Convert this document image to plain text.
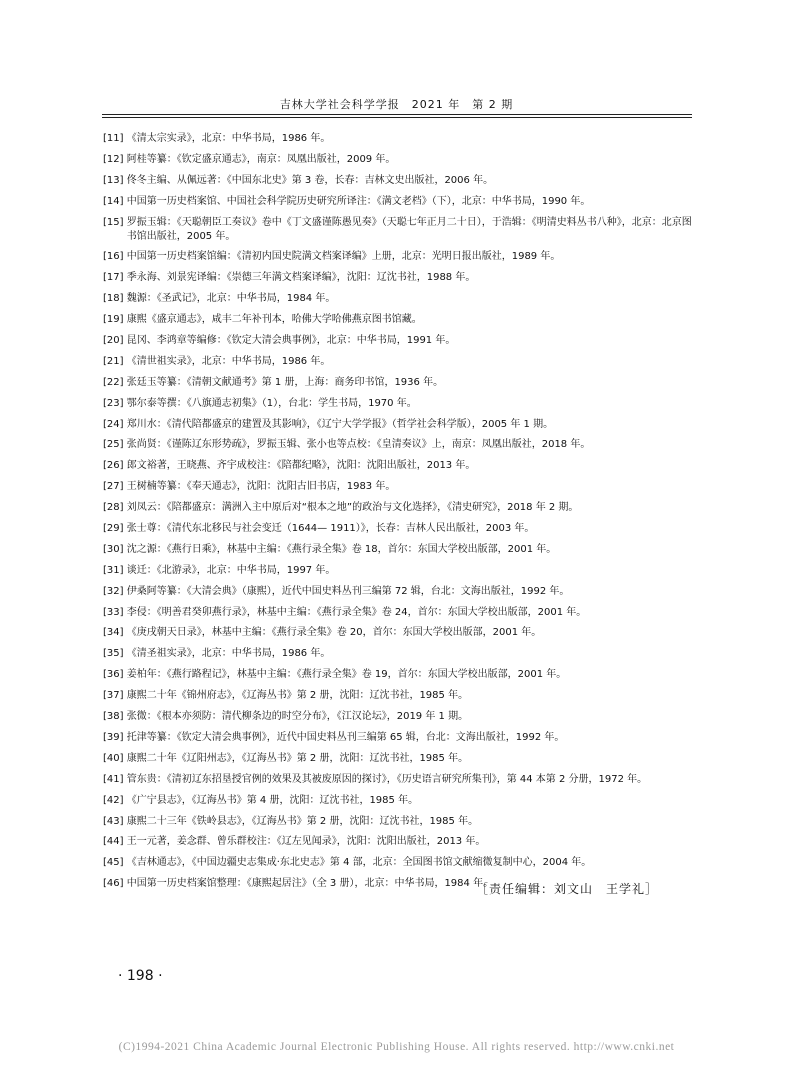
吉林大学社会科学学报　2021 年　第 2 期
[11] 《清太宗实录》，北京：中华书局，1986 年。
[12] 阿桂等纂：《钦定盛京通志》，南京：凤凰出版社，2009 年。
[13] 佟冬主编、从佩远著：《中国东北史》第 3 卷，长春：吉林文史出版社，2006 年。
[14] 中国第一历史档案馆、中国社会科学院历史研究所译注：《满文老档》（下），北京：中华书局，1990 年。
[15] 罗振玉辑：《天聪朝臣工奏议》卷中《丁文盛谨陈愚见奏》（天聪七年正月二十日），于浩辑：《明清史料丛书八种》，北京：北京图书馆出版社，2005 年。
[16] 中国第一历史档案馆编：《清初内国史院满文档案译编》上册，北京：光明日报出版社，1989 年。
[17] 季永海、刘景宪译编：《崇德三年满文档案译编》，沈阳：辽沈书社，1988 年。
[18] 魏源：《圣武记》，北京：中华书局，1984 年。
[19] 康熙《盛京通志》，咸丰二年补刊本，哈佛大学哈佛燕京图书馆藏。
[20] 昆冈、李鸿章等编修：《钦定大清会典事例》，北京：中华书局，1991 年。
[21] 《清世祖实录》，北京：中华书局，1986 年。
[22] 张廷玉等纂：《清朝文献通考》第 1 册，上海：商务印书馆，1936 年。
[23] 鄂尔泰等撰：《八旗通志初集》（1），台北：学生书局，1970 年。
[24] 郑川水：《清代陪都盛京的建置及其影响》，《辽宁大学学报》（哲学社会科学版），2005 年 1 期。
[25] 张尚贤：《谨陈辽东形势疏》，罗振玉辑、张小也等点校：《皇清奏议》上，南京：凤凰出版社，2018 年。
[26] 郎文裕著，王晓燕、齐宇成校注：《陪都纪略》，沈阳：沈阳出版社，2013 年。
[27] 王树楠等纂：《奉天通志》，沈阳：沈阳古旧书店，1983 年。
[28] 刘凤云：《陪都盛京：满洲入主中原后对“根本之地”的政治与文化选择》，《清史研究》，2018 年 2 期。
[29] 张士尊：《清代东北移民与社会变迁（1644— 1911）》，长春：吉林人民出版社，2003 年。
[30] 沈之源：《燕行日乘》，林基中主编：《燕行录全集》卷 18，首尔：东国大学校出版部，2001 年。
[31] 谈迁：《北游录》，北京：中华书局，1997 年。
[32] 伊桑阿等纂：《大清会典》（康熙），近代中国史料丛刊三编第 72 辑，台北：文海出版社，1992 年。
[33] 李侵：《明善君癸卯燕行录》，林基中主编：《燕行录全集》卷 24，首尔：东国大学校出版部，2001 年。
[34] 《庚戌朝天日录》，林基中主编：《燕行录全集》卷 20，首尔：东国大学校出版部，2001 年。
[35] 《清圣祖实录》，北京：中华书局，1986 年。
[36] 姜柏年：《燕行路程记》，林基中主编：《燕行录全集》卷 19，首尔：东国大学校出版部，2001 年。
[37] 康熙二十年《锦州府志》，《辽海丛书》第 2 册，沈阳：辽沈书社，1985 年。
[38] 张微：《根本亦须防：清代柳条边的时空分布》，《江汉论坛》，2019 年 1 期。
[39] 托津等纂：《钦定大清会典事例》，近代中国史料丛刊三编第 65 辑，台北：文海出版社，1992 年。
[40] 康熙二十年《辽阳州志》，《辽海丛书》第 2 册，沈阳：辽沈书社，1985 年。
[41] 管东贵：《清初辽东招垦授官例的效果及其被废原因的探讨》，《历史语言研究所集刊》，第 44 本第 2 分册，1972 年。
[42] 《广宁县志》，《辽海丛书》第 4 册，沈阳：辽沈书社，1985 年。
[43] 康熙二十三年《铁岭县志》，《辽海丛书》第 2 册，沈阳：辽沈书社，1985 年。
[44] 王一元著，姜念群、曾乐群校注：《辽左见闻录》，沈阳：沈阳出版社，2013 年。
[45] 《吉林通志》，《中国边疆史志集成·东北史志》第 4 部，北京：全国图书馆文献缩微复制中心，2004 年。
[46] 中国第一历史档案馆整理：《康熙起居注》（全 3 册），北京：中华书局，1984 年。
［责任编辑：刘文山　王学礼］
· 198 ·
(C)1994-2021 China Academic Journal Electronic Publishing House. All rights reserved. http://www.cnki.net
